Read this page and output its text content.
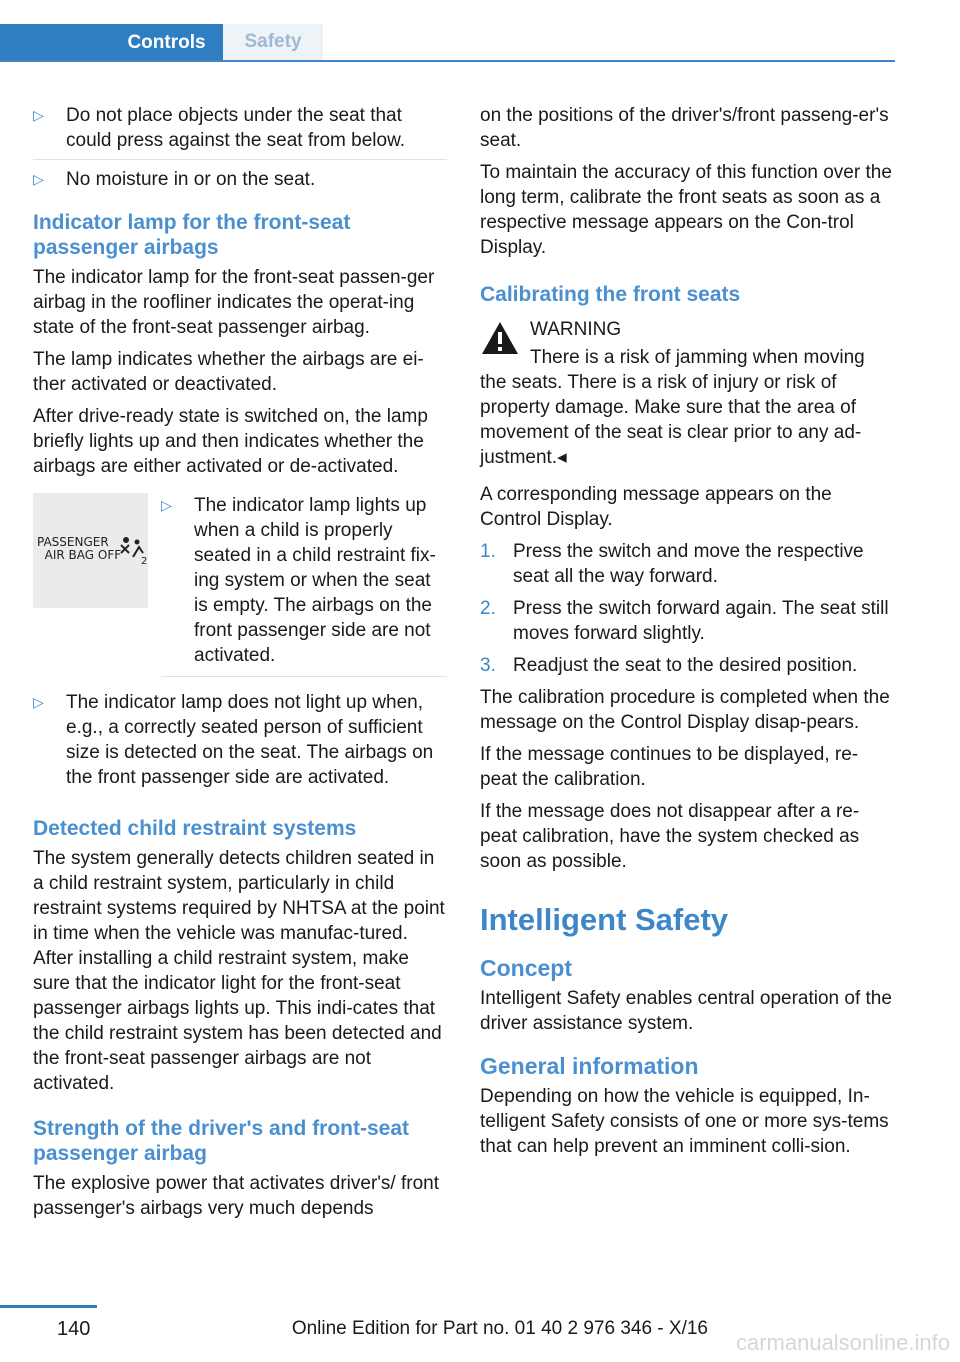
Controls	Safety
▷ Do not place objects under the seat that could press against the seat from below.
▷ No moisture in or on the seat.
Indicator lamp for the front-seat passenger airbags

The indicator lamp for the front-seat passen‐ger airbag in the roofliner indicates the operat‐ing state of the front-seat passenger airbag.

The lamp indicates whether the airbags are ei‐ther activated or deactivated.

After drive-ready state is switched on, the lamp briefly lights up and then indicates whether the airbags are either activated or de‐activated.

PASSENGER
AIR BAG OFF 2
▷ The indicator lamp lights up when a child is properly seated in a child restraint fix‐ing system or when the seat is empty. The airbags on the front passenger side are not activated.
▷ The indicator lamp does not light up when, e.g., a correctly seated person of sufficient size is detected on the seat. The airbags on the front passenger side are activated.
Detected child restraint systems

The system generally detects children seated in a child restraint system, particularly in child restraint systems required by NHTSA at the point in time when the vehicle was manufac‐tured. After installing a child restraint system, make sure that the indicator light for the front-seat passenger airbags lights up. This indi‐cates that the child restraint system has been detected and the front-seat passenger airbags are not activated.

Strength of the driver's and front-seat passenger airbag

The explosive power that activates driver's/ front passenger's airbags very much depends

on the positions of the driver's/front passeng‐er's seat.

To maintain the accuracy of this function over the long term, calibrate the front seats as soon as a respective message appears on the Con‐trol Display.

Calibrating the front seats
WARNING

There is a risk of jamming when moving the seats. There is a risk of injury or risk of property damage. Make sure that the area of movement of the seat is clear prior to any ad‐justment.◂

A corresponding message appears on the Control Display.

1. Press the switch and move the respective seat all the way forward.
2. Press the switch forward again. The seat still moves forward slightly.
3. Readjust the seat to the desired position.

The calibration procedure is completed when the message on the Control Display disap‐pears.

If the message continues to be displayed, re‐peat the calibration.

If the message does not disappear after a re‐peat calibration, have the system checked as soon as possible.

Intelligent Safety
Concept

Intelligent Safety enables central operation of the driver assistance system.

General information

Depending on how the vehicle is equipped, In‐telligent Safety consists of one or more sys‐tems that can help prevent an imminent colli‐sion.

140	Online Edition for Part no. 01 40 2 976 346 - X/16
carmanualsonline.info
